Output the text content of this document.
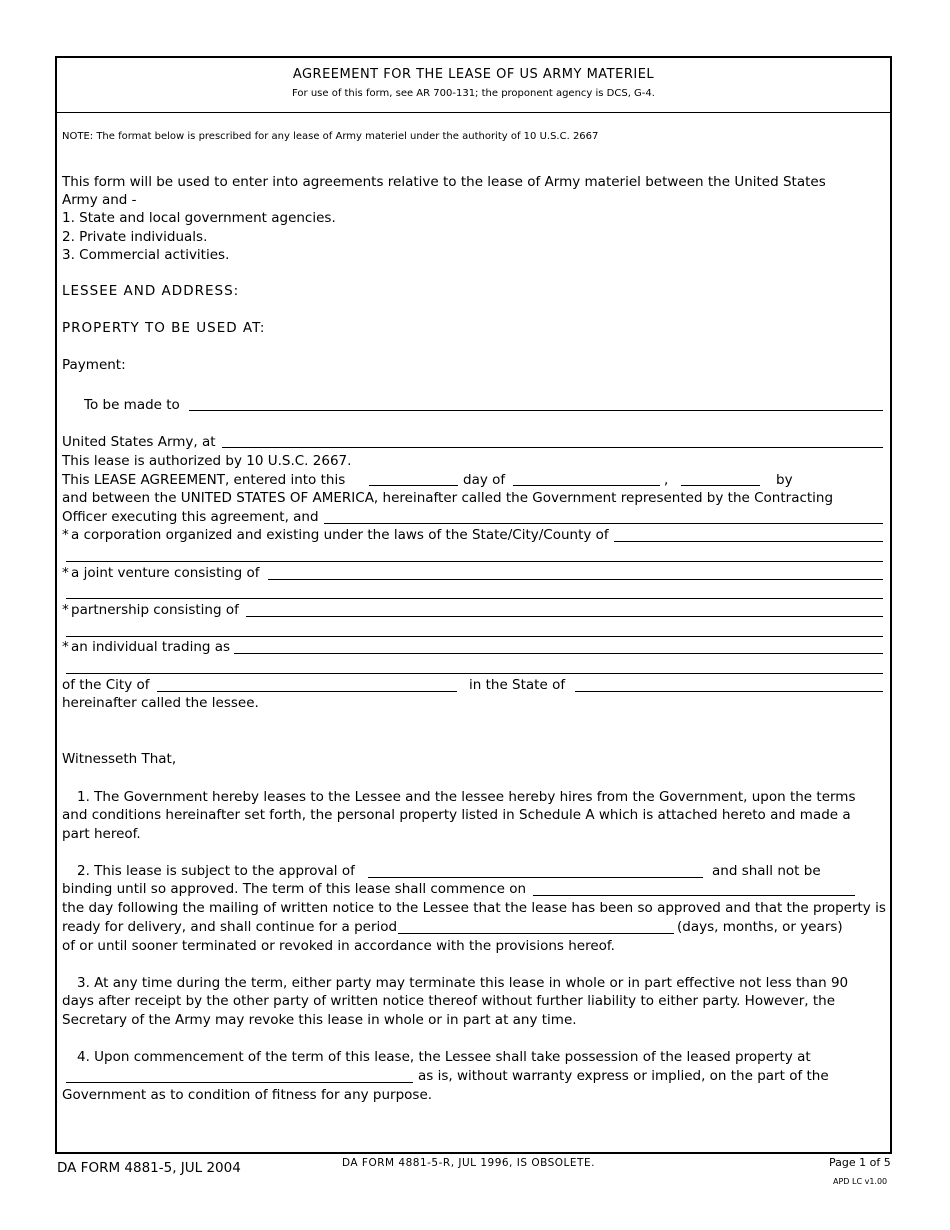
AGREEMENT FOR THE LEASE OF US ARMY MATERIEL
For use of this form, see AR 700-131; the proponent agency is DCS, G-4.
NOTE: The format below is prescribed for any lease of Army materiel under the authority of 10 U.S.C. 2667
This form will be used to enter into agreements relative to the lease of Army materiel between the United States
Army and -
1. State and local government agencies.
2. Private individuals.
3. Commercial activities.
LESSEE AND ADDRESS:
PROPERTY TO BE USED AT:
Payment:
To be made to
United States Army, at
This lease is authorized by 10 U.S.C. 2667.
This LEASE AGREEMENT, entered into this	day of	,	by
and between the UNITED STATES OF AMERICA, hereinafter called the Government represented by the Contracting
Officer executing this agreement, and
* a corporation organized and existing under the laws of the State/City/County of
* a joint venture consisting of
* partnership consisting of
* an individual trading as
of the City of	in the State of
hereinafter called the lessee.
Witnesseth That,
1. The Government hereby leases to the Lessee and the lessee hereby hires from the Government, upon the terms
and conditions hereinafter set forth, the personal property listed in Schedule A which is attached hereto and made a
part hereof.
2. This lease is subject to the approval of	and shall not be
binding until so approved. The term of this lease shall commence on
the day following the mailing of written notice to the Lessee that the lease has been so approved and that the property is
ready for delivery, and shall continue for a period	(days, months, or years)
of or until sooner terminated or revoked in accordance with the provisions hereof.
3. At any time during the term, either party may terminate this lease in whole or in part effective not less than 90
days after receipt by the other party of written notice thereof without further liability to either party. However, the
Secretary of the Army may revoke this lease in whole or in part at any time.
4. Upon commencement of the term of this lease, the Lessee shall take possession of the leased property at
as is, without warranty express or implied, on the part of the
Government as to condition of fitness for any purpose.
DA FORM 4881-5, JUL 2004	DA FORM 4881-5-R, JUL 1996, IS OBSOLETE.	Page 1 of 5
APD LC v1.00
